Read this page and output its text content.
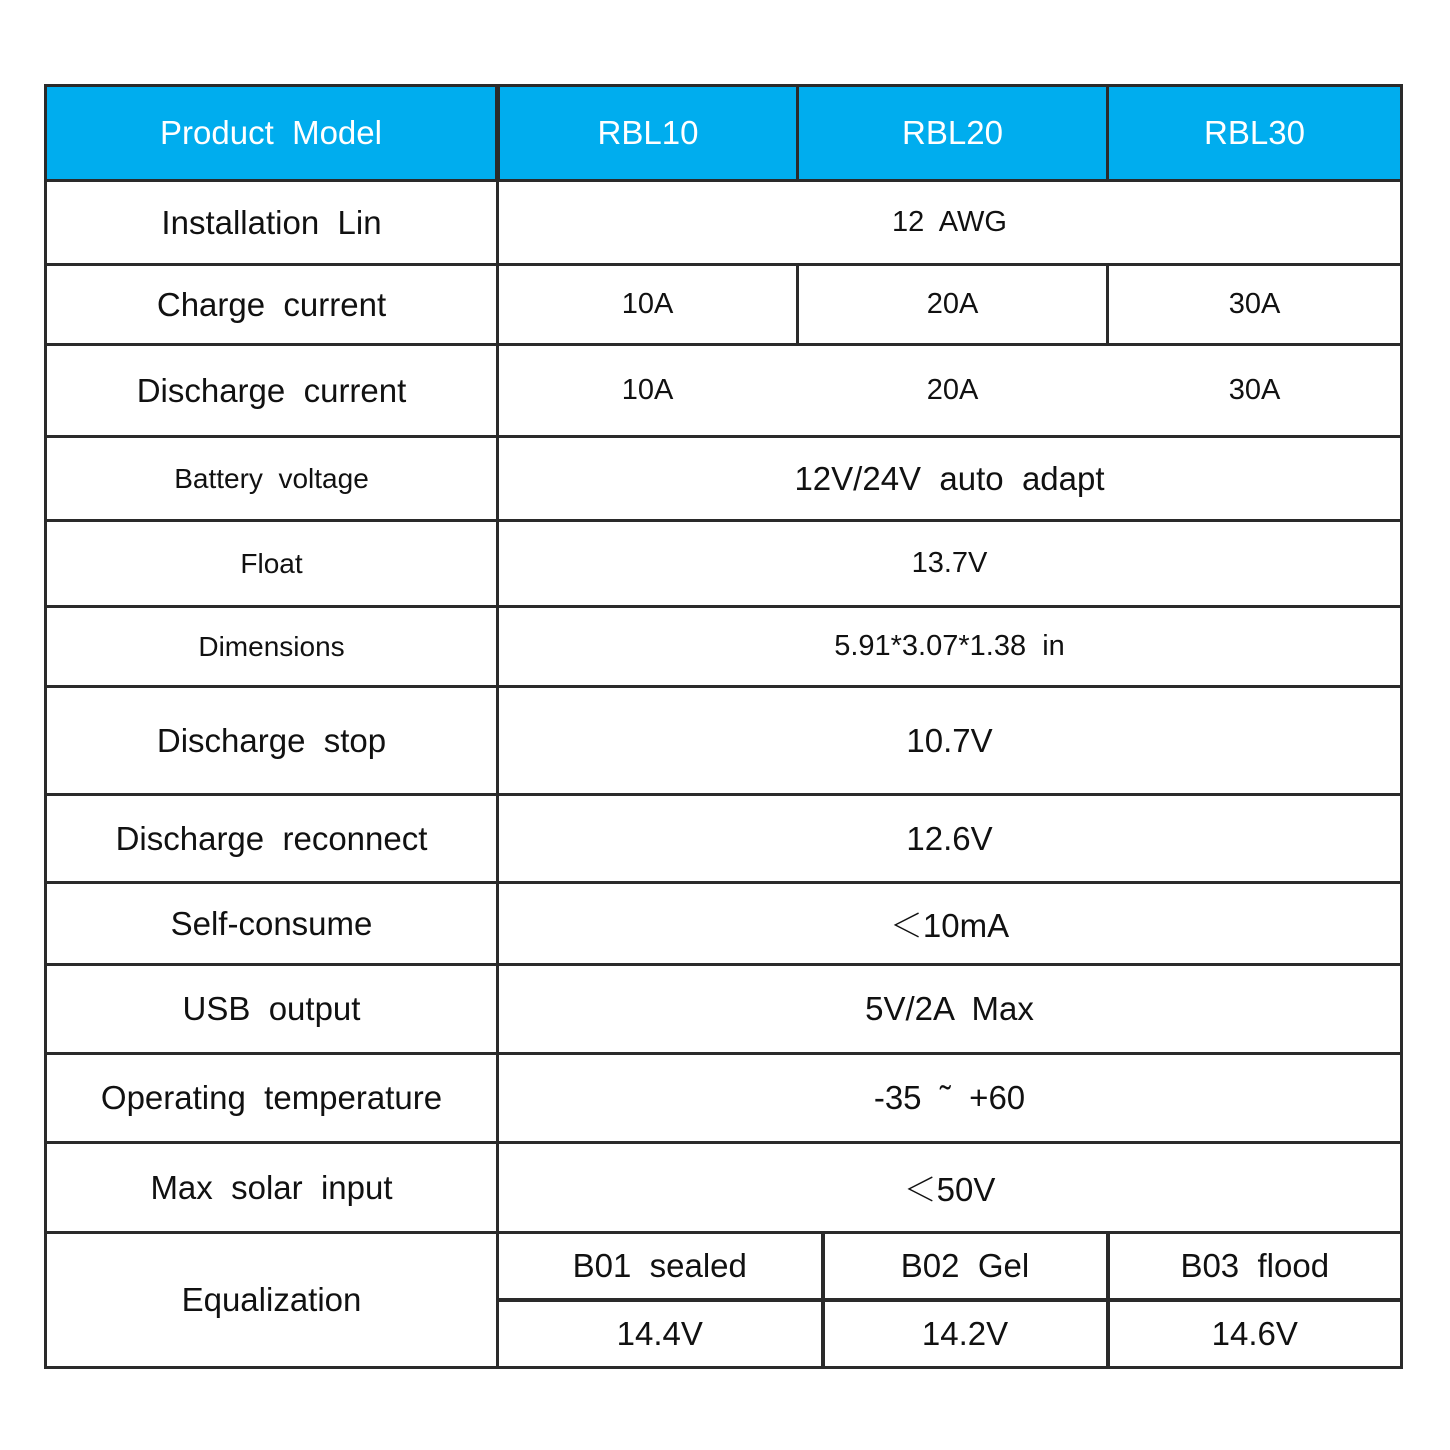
Product  Model	RBL10	RBL20		RBL30
Installation  Lin	12  AWG			
Charge  current	10A	20A		30A
Discharge  current	10A	20A		30A
Battery  voltage	12V/24V  auto  adapt			
Float	13.7V			
Dimensions	5.91*3.07*1.38  in			
Discharge  stop	10.7V			
Discharge  reconnect	12.6V			
Self-consume	＜10mA			
USB  output	5V/2A  Max			
Operating  temperature	-35  ˜  +60			
Max  solar  input	＜50V			
Equalization	B01  sealed		B02  Gel	B03  flood
	14.4V		14.2V	14.6V
